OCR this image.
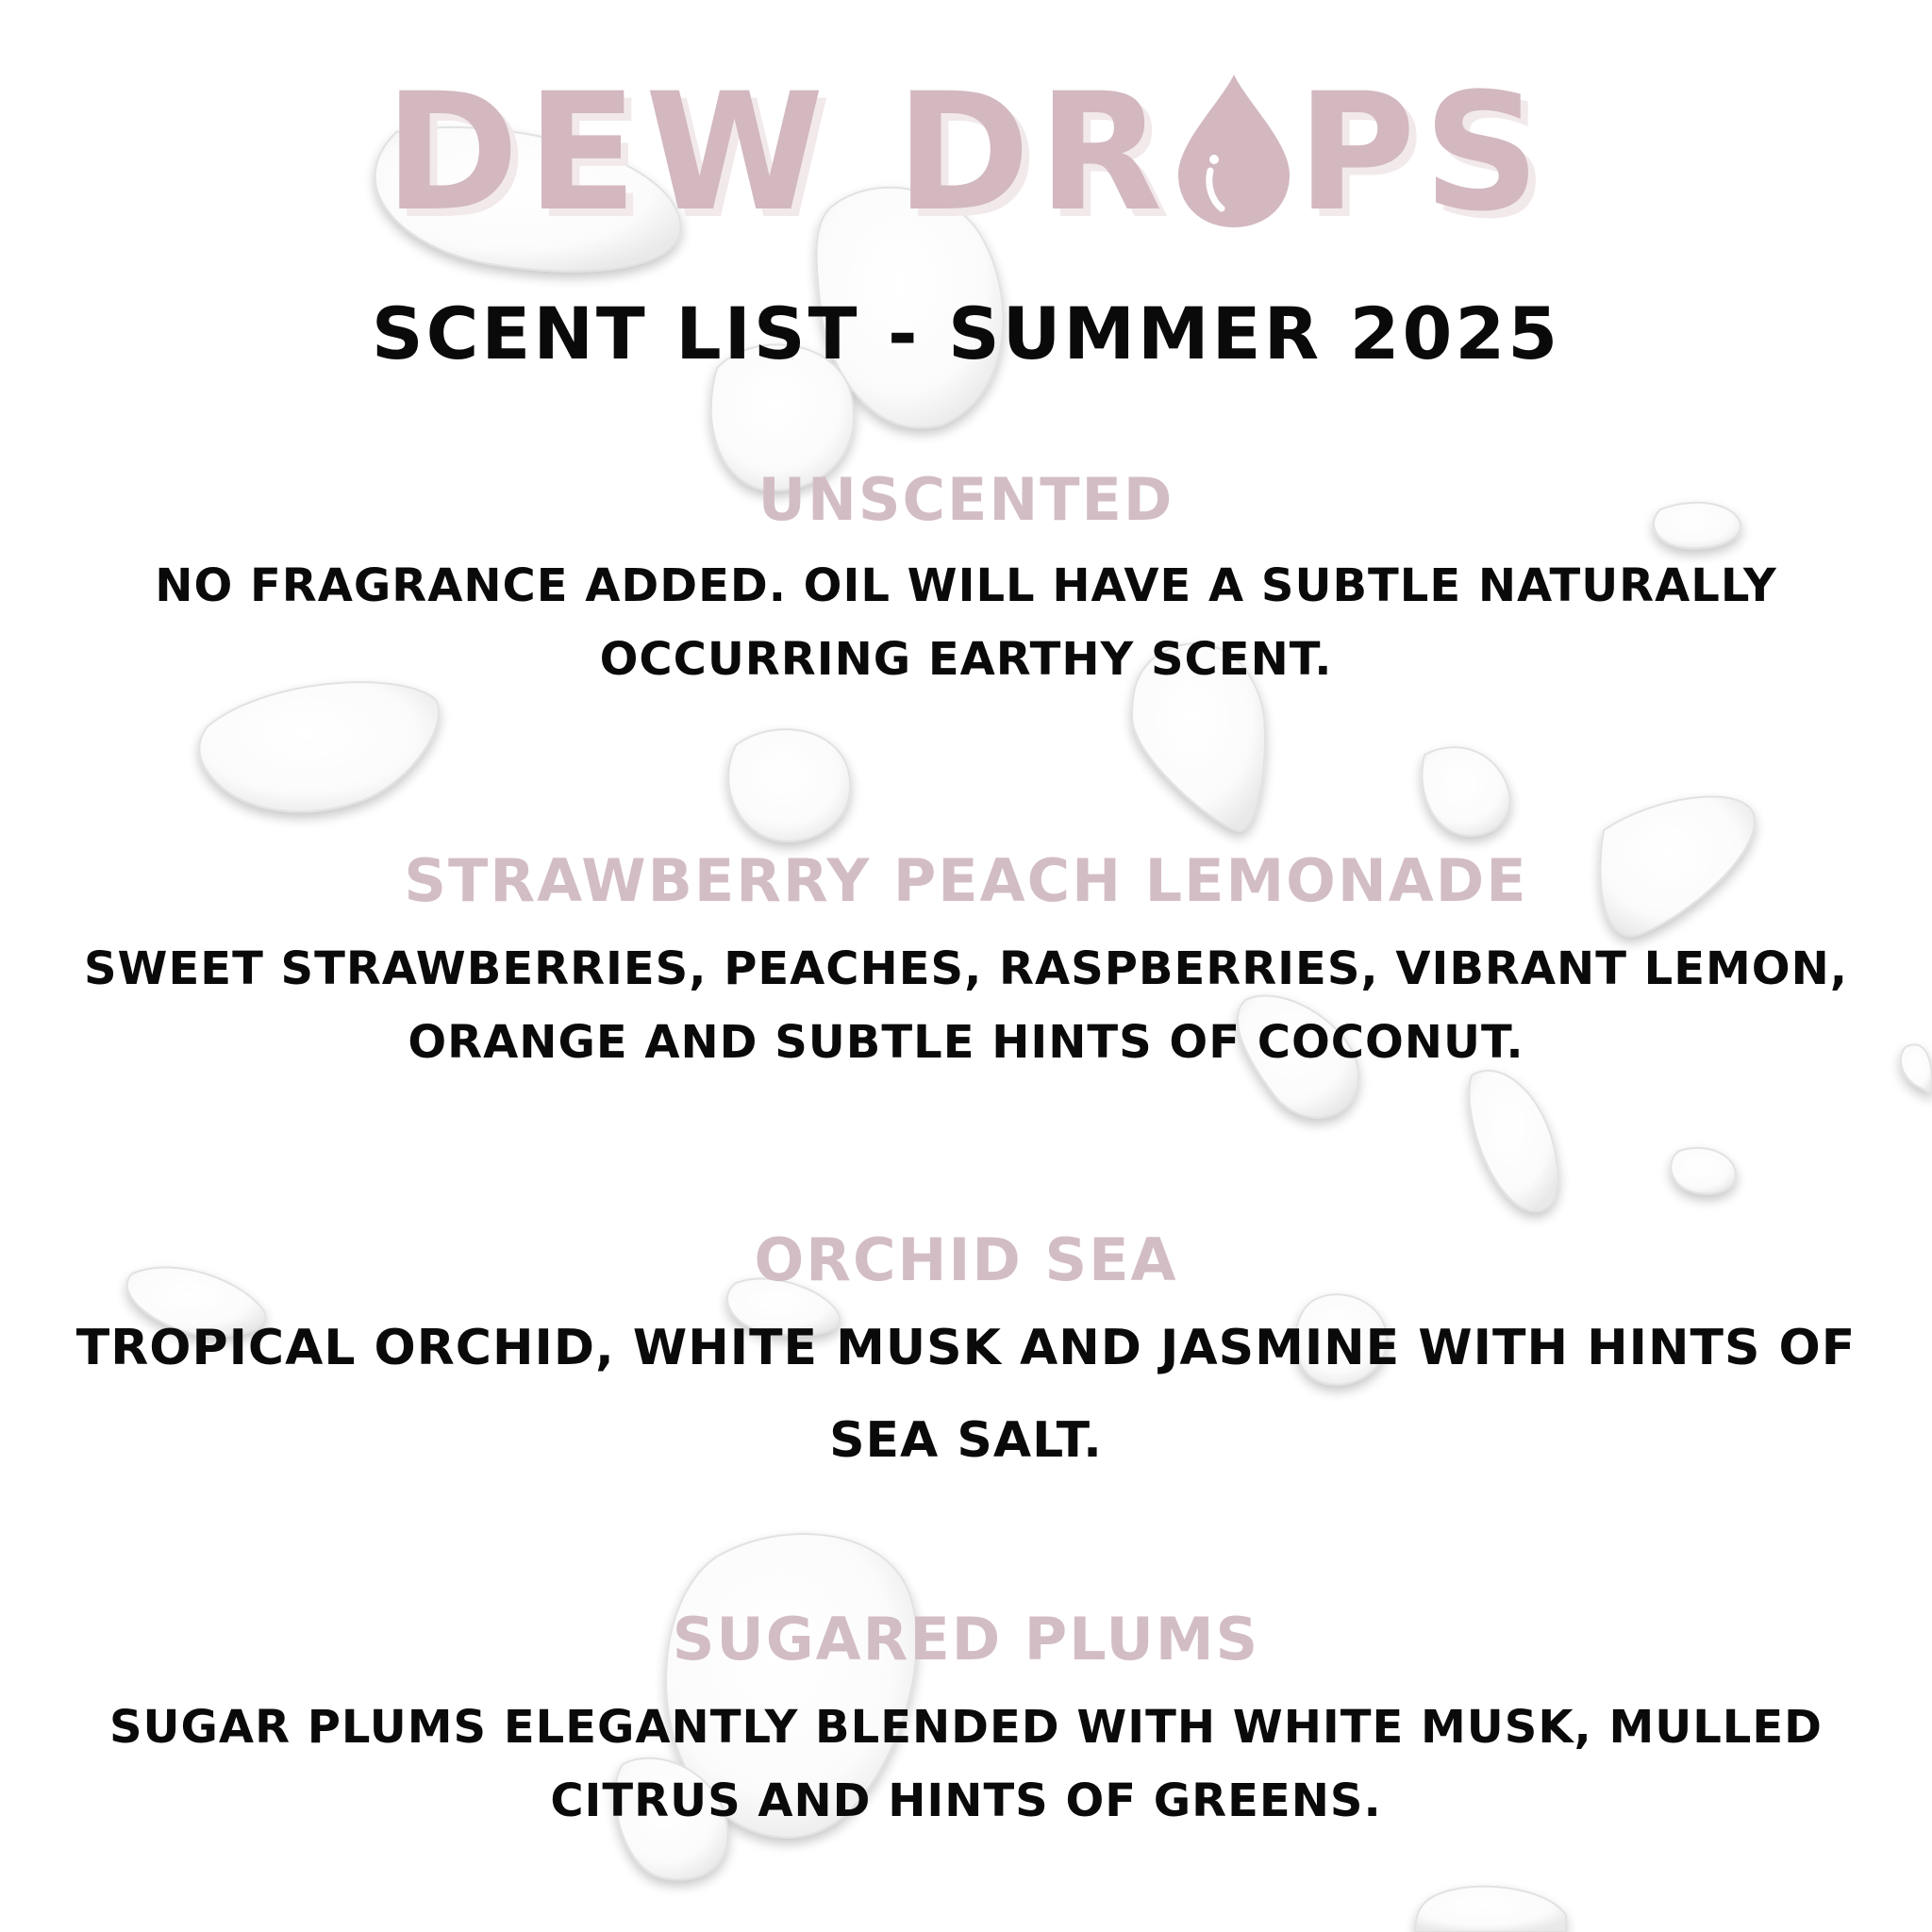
DEW DR PS
SCENT LIST - SUMMER 2025
UNSCENTED
NO FRAGRANCE ADDED. OIL WILL HAVE A SUBTLE NATURALLY
OCCURRING EARTHY SCENT.
STRAWBERRY PEACH LEMONADE
SWEET STRAWBERRIES, PEACHES, RASPBERRIES, VIBRANT LEMON,
ORANGE AND SUBTLE HINTS OF COCONUT.
ORCHID SEA
TROPICAL ORCHID, WHITE MUSK AND JASMINE WITH HINTS OF
SEA SALT.
SUGARED PLUMS
SUGAR PLUMS ELEGANTLY BLENDED WITH WHITE MUSK, MULLED
CITRUS AND HINTS OF GREENS.
